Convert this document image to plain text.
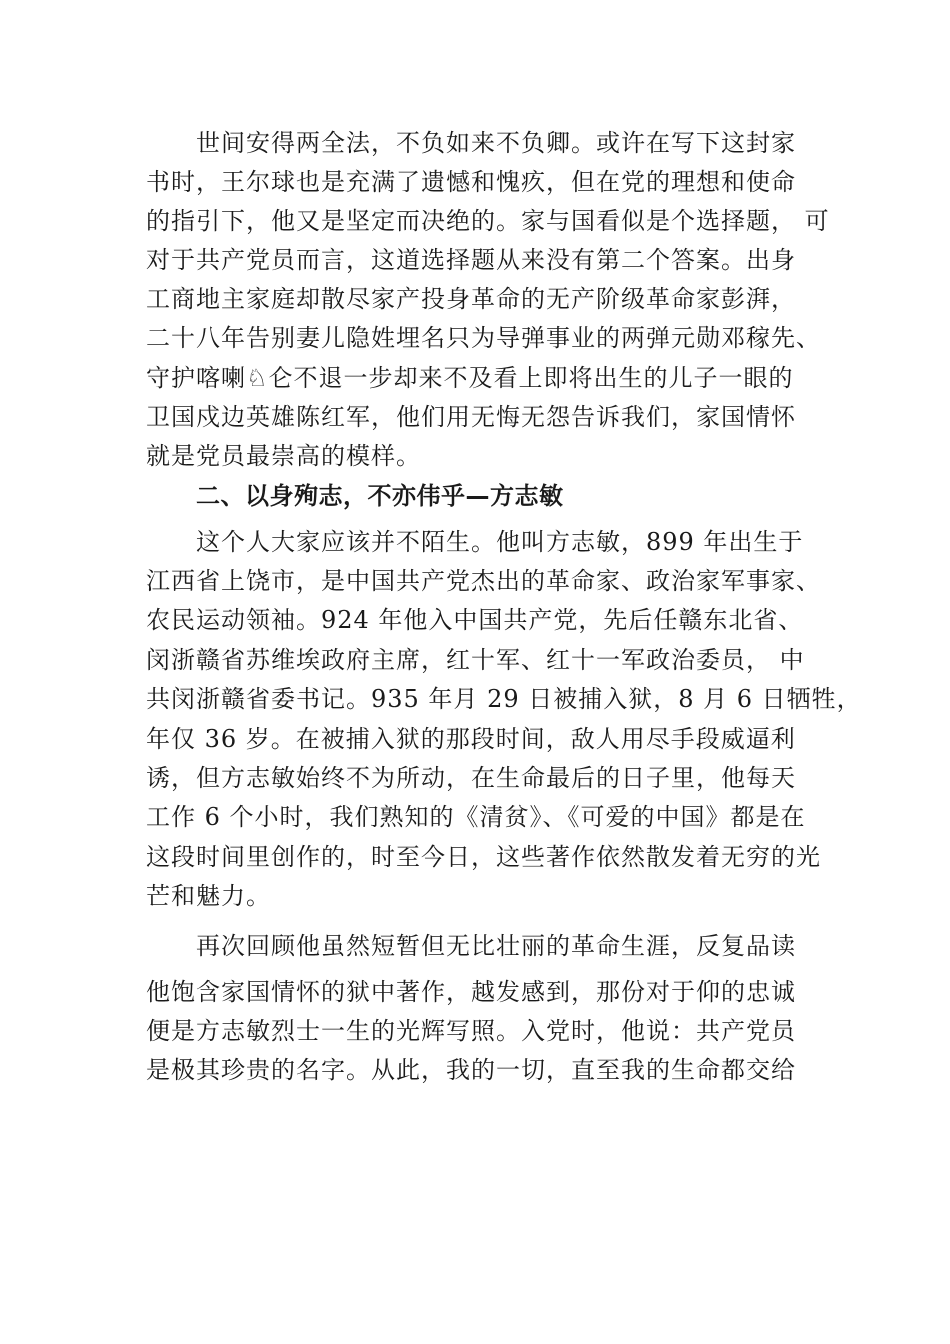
世间安得两全法，不负如来不负卿。或许在写下这封家
书时，王尔球也是充满了遗憾和愧疚，但在党的理想和使命
的指引下，他又是坚定而决绝的。家与国看似是个选择题， 可
对于共产党员而言，这道选择题从来没有第二个答案。出身
工商地主家庭却散尽家产投身革命的无产阶级革命家彭湃，
二十八年告别妻儿隐姓埋名只为导弹事业的两弹元勋邓稼先、
守护喀喇♘仑不退一步却来不及看上即将出生的儿子一眼的
卫国戍边英雄陈红军，他们用无悔无怨告诉我们，家国情怀
就是党员最崇高的模样。
二、以身殉志，不亦伟乎—方志敏
这个人大家应该并不陌生。他叫方志敏，899 年出生于
江西省上饶市，是中国共产党杰出的革命家、政治家军事家、
农民运动领袖。924 年他入中国共产党，先后任赣东北省、
闵浙赣省苏维埃政府主席，红十军、红十一军政治委员， 中
共闵浙赣省委书记。935 年月 29 日被捕入狱，8 月 6 日牺牲，
年仅 36 岁。在被捕入狱的那段时间，敌人用尽手段威逼利
诱，但方志敏始终不为所动，在生命最后的日子里，他每天
工作 6 个小时，我们熟知的《清贫》、《可爱的中国》都是在
这段时间里创作的，时至今日，这些著作依然散发着无穷的光
芒和魅力。
再次回顾他虽然短暂但无比壮丽的革命生涯，反复品读
他饱含家国情怀的狱中著作，越发感到，那份对于仰的忠诚
便是方志敏烈士一生的光辉写照。入党时，他说：共产党员
是极其珍贵的名字。从此，我的一切，直至我的生命都交给
